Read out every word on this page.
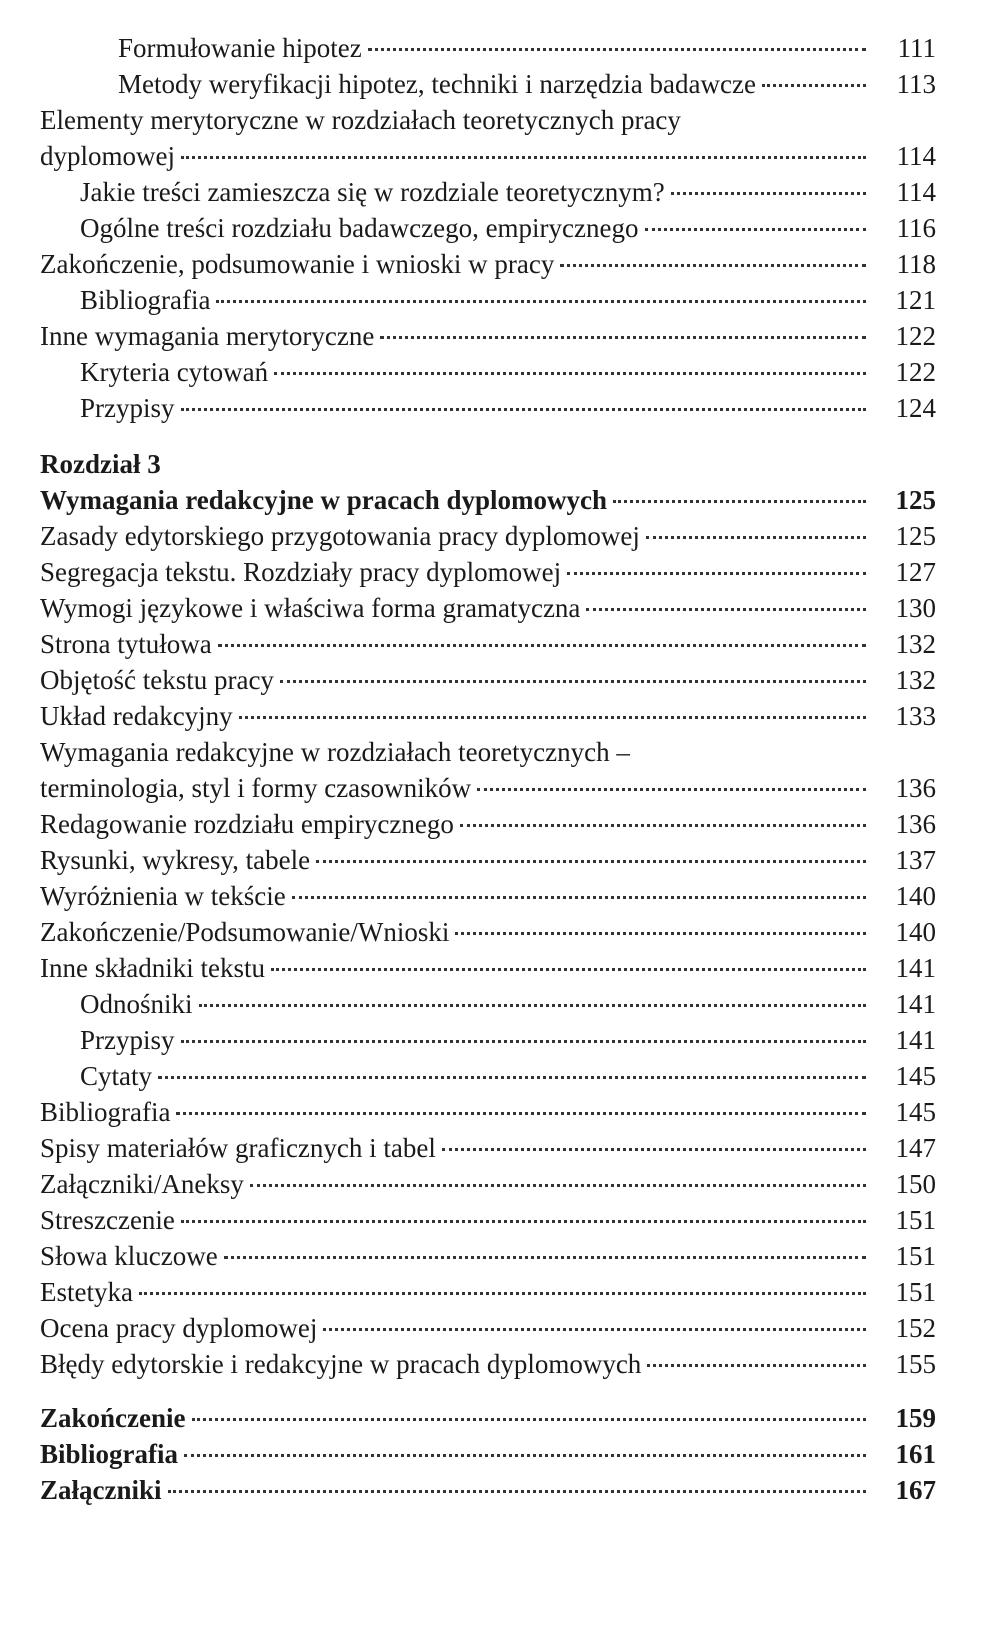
Rozdział 3
Formułowanie hipotez	111
Metody weryfikacji hipotez, techniki i narzędzia badawcze	113
Elementy merytoryczne w rozdziałach teoretycznych pracy
dyplomowej	114
Jakie treści zamieszcza się w rozdziale teoretycznym?	114
Ogólne treści rozdziału badawczego, empirycznego	116
Zakończenie, podsumowanie i wnioski w pracy	118
Bibliografia	121
Inne wymagania merytoryczne	122
Kryteria cytowań	122
Przypisy	124
Wymagania redakcyjne w pracach dyplomowych	125
Zasady edytorskiego przygotowania pracy dyplomowej	125
Segregacja tekstu. Rozdziały pracy dyplomowej	127
Wymogi językowe i właściwa forma gramatyczna	130
Strona tytułowa	132
Objętość tekstu pracy	132
Układ redakcyjny	133
Wymagania redakcyjne w rozdziałach teoretycznych –
terminologia, styl i formy czasowników	136
Redagowanie rozdziału empirycznego	136
Rysunki, wykresy, tabele	137
Wyróżnienia w tekście	140
Zakończenie/Podsumowanie/Wnioski	140
Inne składniki tekstu	141
Odnośniki	141
Przypisy	141
Cytaty	145
Bibliografia	145
Spisy materiałów graficznych i tabel	147
Załączniki/Aneksy	150
Streszczenie	151
Słowa kluczowe	151
Estetyka	151
Ocena pracy dyplomowej	152
Błędy edytorskie i redakcyjne w pracach dyplomowych	155
Zakończenie	159
Bibliografia	161
Załączniki	167
